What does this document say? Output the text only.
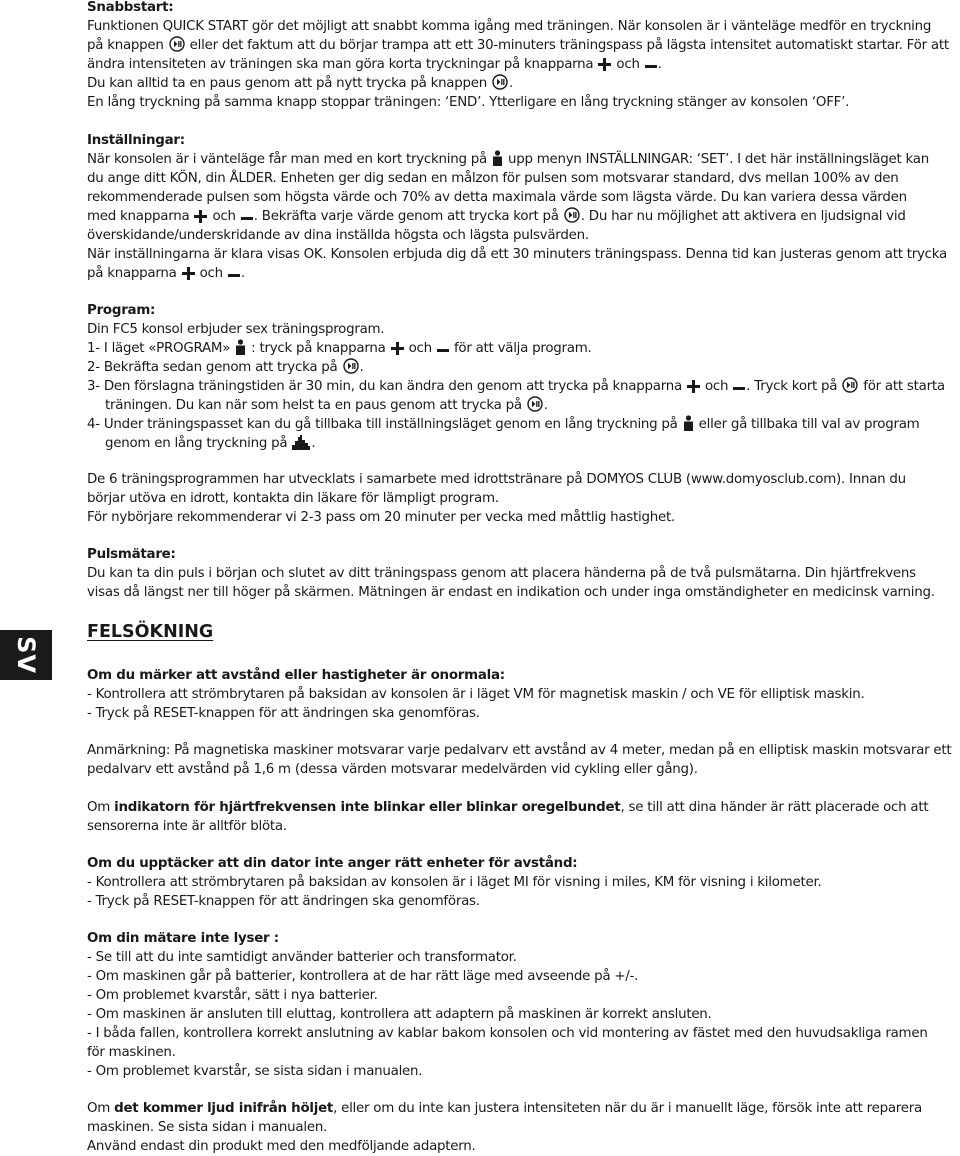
SV
Snabbstart:
Funktionen QUICK START gör det möjligt att snabbt komma igång med träningen. När konsolen är i vänteläge medför en tryckning
på knappen eller det faktum att du börjar trampa att ett 30-minuters träningspass på lägsta intensitet automatiskt startar. För att
ändra intensiteten av träningen ska man göra korta tryckningar på knapparna och .
Du kan alltid ta en paus genom att på nytt trycka på knappen .
En lång tryckning på samma knapp stoppar träningen: ‘END’. Ytterligare en lång tryckning stänger av konsolen ‘OFF’.
Inställningar:
När konsolen är i vänteläge får man med en kort tryckning på upp menyn INSTÄLLNINGAR: ‘SET’. I det här inställningsläget kan
du ange ditt KÖN, din ÅLDER. Enheten ger dig sedan en målzon för pulsen som motsvarar standard, dvs mellan 100% av den
rekommenderade pulsen som högsta värde och 70% av detta maximala värde som lägsta värde. Du kan variera dessa värden
med knapparna och . Bekräfta varje värde genom att trycka kort på . Du har nu möjlighet att aktivera en ljudsignal vid
överskidande/underskridande av dina inställda högsta och lägsta pulsvärden.
När inställningarna är klara visas OK. Konsolen erbjuda dig då ett 30 minuters träningspass. Denna tid kan justeras genom att trycka
på knapparna och .
Program:
Din FC5 konsol erbjuder sex träningsprogram.
1- I läget «PROGRAM» : tryck på knapparna och för att välja program.
2- Bekräfta sedan genom att trycka på .
3- Den förslagna träningstiden är 30 min, du kan ändra den genom att trycka på knapparna och . Tryck kort på för att starta
träningen. Du kan när som helst ta en paus genom att trycka på .
4- Under träningspasset kan du gå tillbaka till inställningsläget genom en lång tryckning på eller gå tillbaka till val av program
genom en lång tryckning på .
De 6 träningsprogrammen har utvecklats i samarbete med idrottstränare på DOMYOS CLUB (www.domyosclub.com). Innan du
börjar utöva en idrott, kontakta din läkare för lämpligt program.
För nybörjare rekommenderar vi 2-3 pass om 20 minuter per vecka med måttlig hastighet.
Pulsmätare:
Du kan ta din puls i början och slutet av ditt träningspass genom att placera händerna på de två pulsmätarna. Din hjärtfrekvens
visas då längst ner till höger på skärmen. Mätningen är endast en indikation och under inga omständigheter en medicinsk varning.
FELSÖKNING
Om du märker att avstånd eller hastigheter är onormala:
- Kontrollera att strömbrytaren på baksidan av konsolen är i läget VM för magnetisk maskin / och VE för elliptisk maskin.
- Tryck på RESET-knappen för att ändringen ska genomföras.
Anmärkning: På magnetiska maskiner motsvarar varje pedalvarv ett avstånd av 4 meter, medan på en elliptisk maskin motsvarar ett
pedalvarv ett avstånd på 1,6 m (dessa värden motsvarar medelvärden vid cykling eller gång).
Om indikatorn för hjärtfrekvensen inte blinkar eller blinkar oregelbundet, se till att dina händer är rätt placerade och att
sensorerna inte är alltför blöta.
Om du upptäcker att din dator inte anger rätt enheter för avstånd:
- Kontrollera att strömbrytaren på baksidan av konsolen är i läget MI för visning i miles, KM för visning i kilometer.
- Tryck på RESET-knappen för att ändringen ska genomföras.
Om din mätare inte lyser :
- Se till att du inte samtidigt använder batterier och transformator.
- Om maskinen går på batterier, kontrollera at de har rätt läge med avseende på +/-.
- Om problemet kvarstår, sätt i nya batterier.
- Om maskinen är ansluten till eluttag, kontrollera att adaptern på maskinen är korrekt ansluten.
- I båda fallen, kontrollera korrekt anslutning av kablar bakom konsolen och vid montering av fästet med den huvudsakliga ramen
för maskinen.
- Om problemet kvarstår, se sista sidan i manualen.
Om det kommer ljud inifrån höljet, eller om du inte kan justera intensiteten när du är i manuellt läge, försök inte att reparera
maskinen. Se sista sidan i manualen.
Använd endast din produkt med den medföljande adaptern.
